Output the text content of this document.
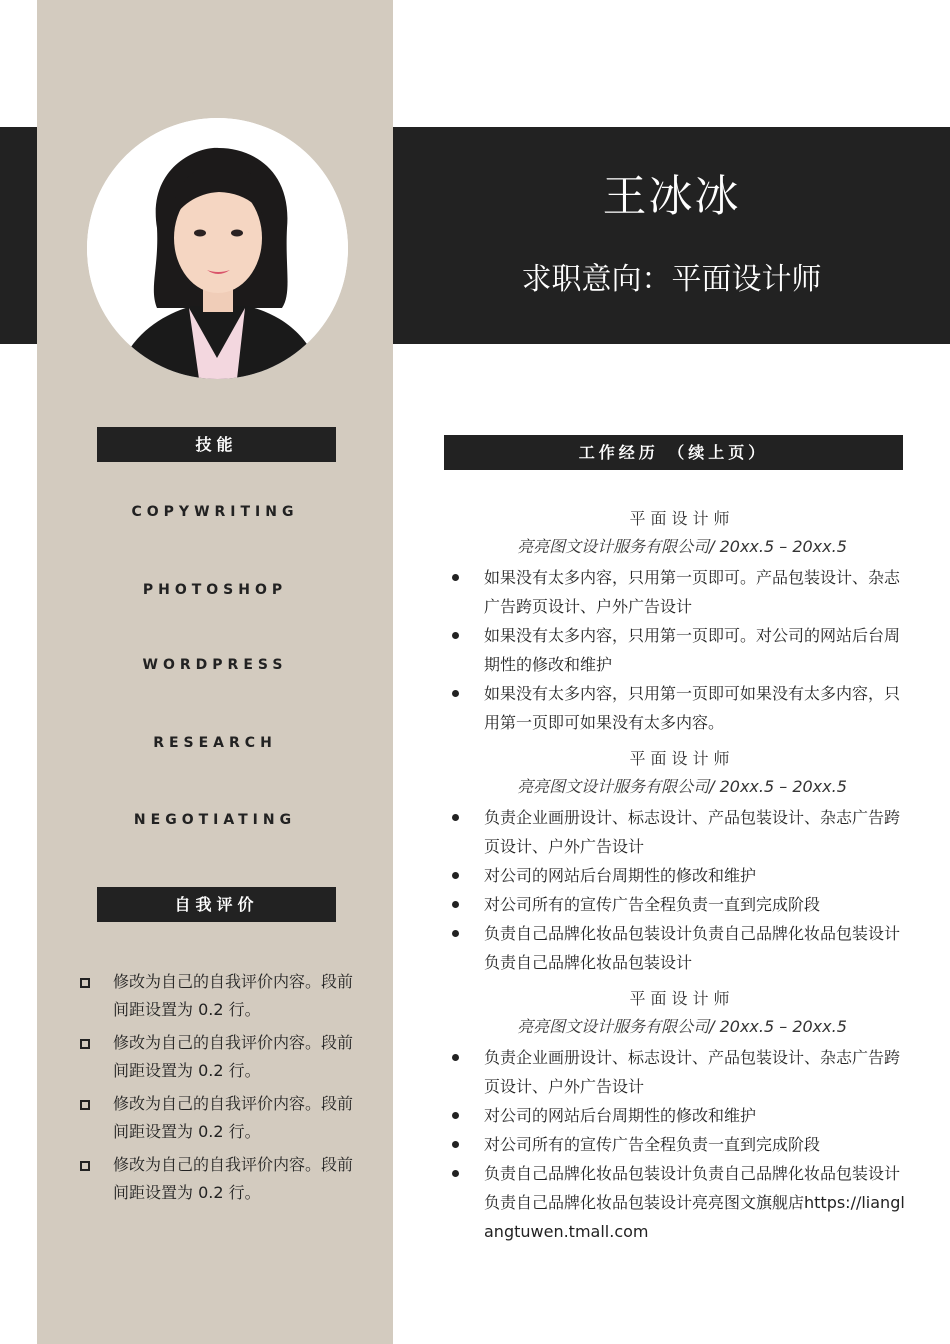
王冰冰
求职意向：平面设计师
技能
COPYWRITING
PHOTOSHOP
WORDPRESS
RESEARCH
NEGOTIATING
自我评价
修改为自己的自我评价内容。段前间距设置为 0.2 行。
修改为自己的自我评价内容。段前间距设置为 0.2 行。
修改为自己的自我评价内容。段前间距设置为 0.2 行。
修改为自己的自我评价内容。段前间距设置为 0.2 行。
工作经历 （续上页）
平面设计师
亮亮图文设计服务有限公司/ 20xx.5 – 20xx.5
如果没有太多内容，只用第一页即可。产品包装设计、杂志广告跨页设计、户外广告设计
如果没有太多内容，只用第一页即可。对公司的网站后台周期性的修改和维护
如果没有太多内容，只用第一页即可如果没有太多内容，只用第一页即可如果没有太多内容。
平面设计师
亮亮图文设计服务有限公司/ 20xx.5 – 20xx.5
负责企业画册设计、标志设计、产品包装设计、杂志广告跨页设计、户外广告设计
对公司的网站后台周期性的修改和维护
对公司所有的宣传广告全程负责一直到完成阶段
负责自己品牌化妆品包装设计负责自己品牌化妆品包装设计负责自己品牌化妆品包装设计
平面设计师
亮亮图文设计服务有限公司/ 20xx.5 – 20xx.5
负责企业画册设计、标志设计、产品包装设计、杂志广告跨页设计、户外广告设计
对公司的网站后台周期性的修改和维护
对公司所有的宣传广告全程负责一直到完成阶段
负责自己品牌化妆品包装设计负责自己品牌化妆品包装设计负责自己品牌化妆品包装设计亮亮图文旗舰店https://lianglangtuwen.tmall.com
